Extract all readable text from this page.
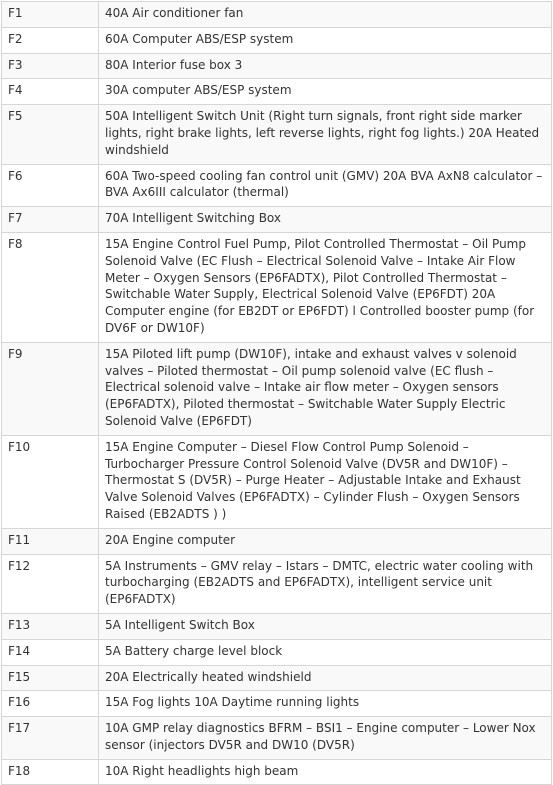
F1	40A Air conditioner fan
F2	60A Computer ABS/ESP system
F3	80A Interior fuse box 3
F4	30A computer ABS/ESP system
F5	50A Intelligent Switch Unit (Right turn signals, front right side marker lights, right brake lights, left reverse lights, right fog lights.) 20A Heated windshield
F6	60A Two-speed cooling fan control unit (GMV) 20A BVA AxN8 calculator – BVA Ax6III calculator (thermal)
F7	70A Intelligent Switching Box
F8	15A Engine Control Fuel Pump, Pilot Controlled Thermostat – Oil Pump Solenoid Valve (EC Flush – Electrical Solenoid Valve – Intake Air Flow Meter – Oxygen Sensors (EP6FADTX), Pilot Controlled Thermostat – Switchable Water Supply, Electrical Solenoid Valve (EP6FDT) 20A Computer engine (for EB2DT or EP6FDT) l Controlled booster pump (for DV6F or DW10F)
F9	15A Piloted lift pump (DW10F), intake and exhaust valves v solenoid valves – Piloted thermostat – Oil pump solenoid valve (EC flush – Electrical solenoid valve – Intake air flow meter – Oxygen sensors (EP6FADTX), Piloted thermostat – Switchable Water Supply Electric Solenoid Valve (EP6FDT)
F10	15A Engine Computer – Diesel Flow Control Pump Solenoid – Turbocharger Pressure Control Solenoid Valve (DV5R and DW10F) – Thermostat S (DV5R) – Purge Heater – Adjustable Intake and Exhaust Valve Solenoid Valves (EP6FADTX) – Cylinder Flush – Oxygen Sensors Raised (EB2ADTS ) )
F11	20A Engine computer
F12	5A Instruments – GMV relay – Istars – DMTC, electric water cooling with turbocharging (EB2ADTS and EP6FADTX), intelligent service unit (EP6FADTX)
F13	5A Intelligent Switch Box
F14	5A Battery charge level block
F15	20A Electrically heated windshield
F16	15A Fog lights 10A Daytime running lights
F17	10A GMP relay diagnostics BFRM – BSI1 – Engine computer – Lower Nox sensor (injectors DV5R and DW10 (DV5R)
F18	10A Right headlights high beam
